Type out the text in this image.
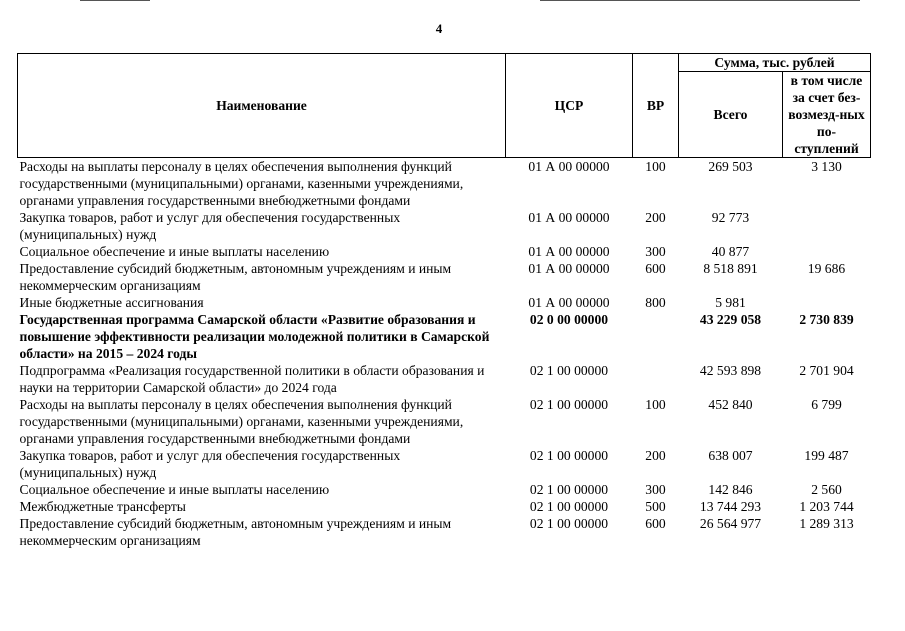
4
Наименование	ЦСР	ВР	Сумма, тыс. рублей	
			Всего	в том числе за счет без-возмезд-ных по-ступлений
Расходы на выплаты персоналу в целях обеспечения выполнения функций государственными (муниципальными) органами, казенными учреждениями, органами управления государственными внебюджетными фондами	01 А 00 00000	100	269 503	3 130
Закупка товаров, работ и услуг для обеспечения государственных (муниципальных) нужд	01 А 00 00000	200	92 773	
Социальное обеспечение и иные выплаты населению	01 А 00 00000	300	40 877	
Предоставление субсидий бюджетным, автономным учреждениям и иным некоммерческим организациям	01 А 00 00000	600	8 518 891	19 686
Иные бюджетные ассигнования	01 А 00 00000	800	5 981	
Государственная программа Самарской области «Развитие образования и повышение эффективности реализации молодежной политики в Самарской области» на 2015 – 2024 годы	02 0 00 00000		43 229 058	2 730 839
Подпрограмма «Реализация государственной политики в области образования и науки на территории Самарской области» до 2024 года	02 1 00 00000		42 593 898	2 701 904
Расходы на выплаты персоналу в целях обеспечения выполнения функций государственными (муниципальными) органами, казенными учреждениями, органами управления государственными внебюджетными фондами	02 1 00 00000	100	452 840	6 799
Закупка товаров, работ и услуг для обеспечения государственных (муниципальных) нужд	02 1 00 00000	200	638 007	199 487
Социальное обеспечение и иные выплаты населению	02 1 00 00000	300	142 846	2 560
Межбюджетные трансферты	02 1 00 00000	500	13 744 293	1 203 744
Предоставление субсидий бюджетным, автономным учреждениям и иным некоммерческим организациям	02 1 00 00000	600	26 564 977	1 289 313
